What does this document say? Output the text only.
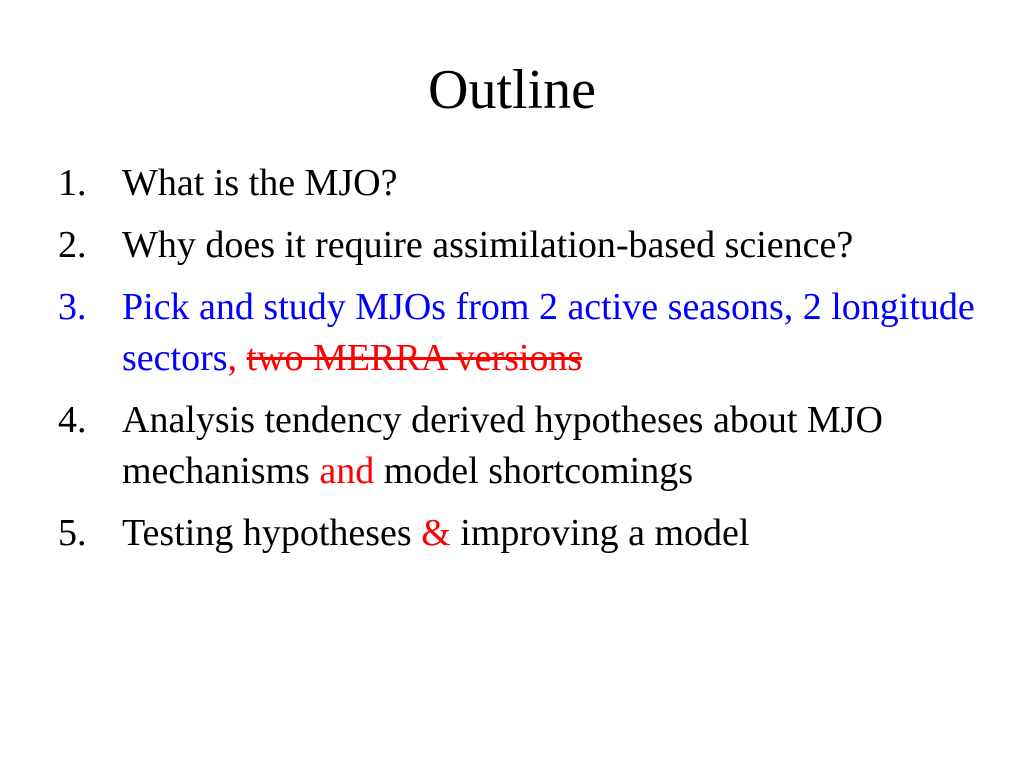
Outline
1. What is the MJO?
2. Why does it require assimilation-based science?
3. Pick and study MJOs from 2 active seasons, 2 longitude sectors, two MERRA versions
4. Analysis tendency derived hypotheses about MJO mechanisms and model shortcomings
5. Testing hypotheses & improving a model
